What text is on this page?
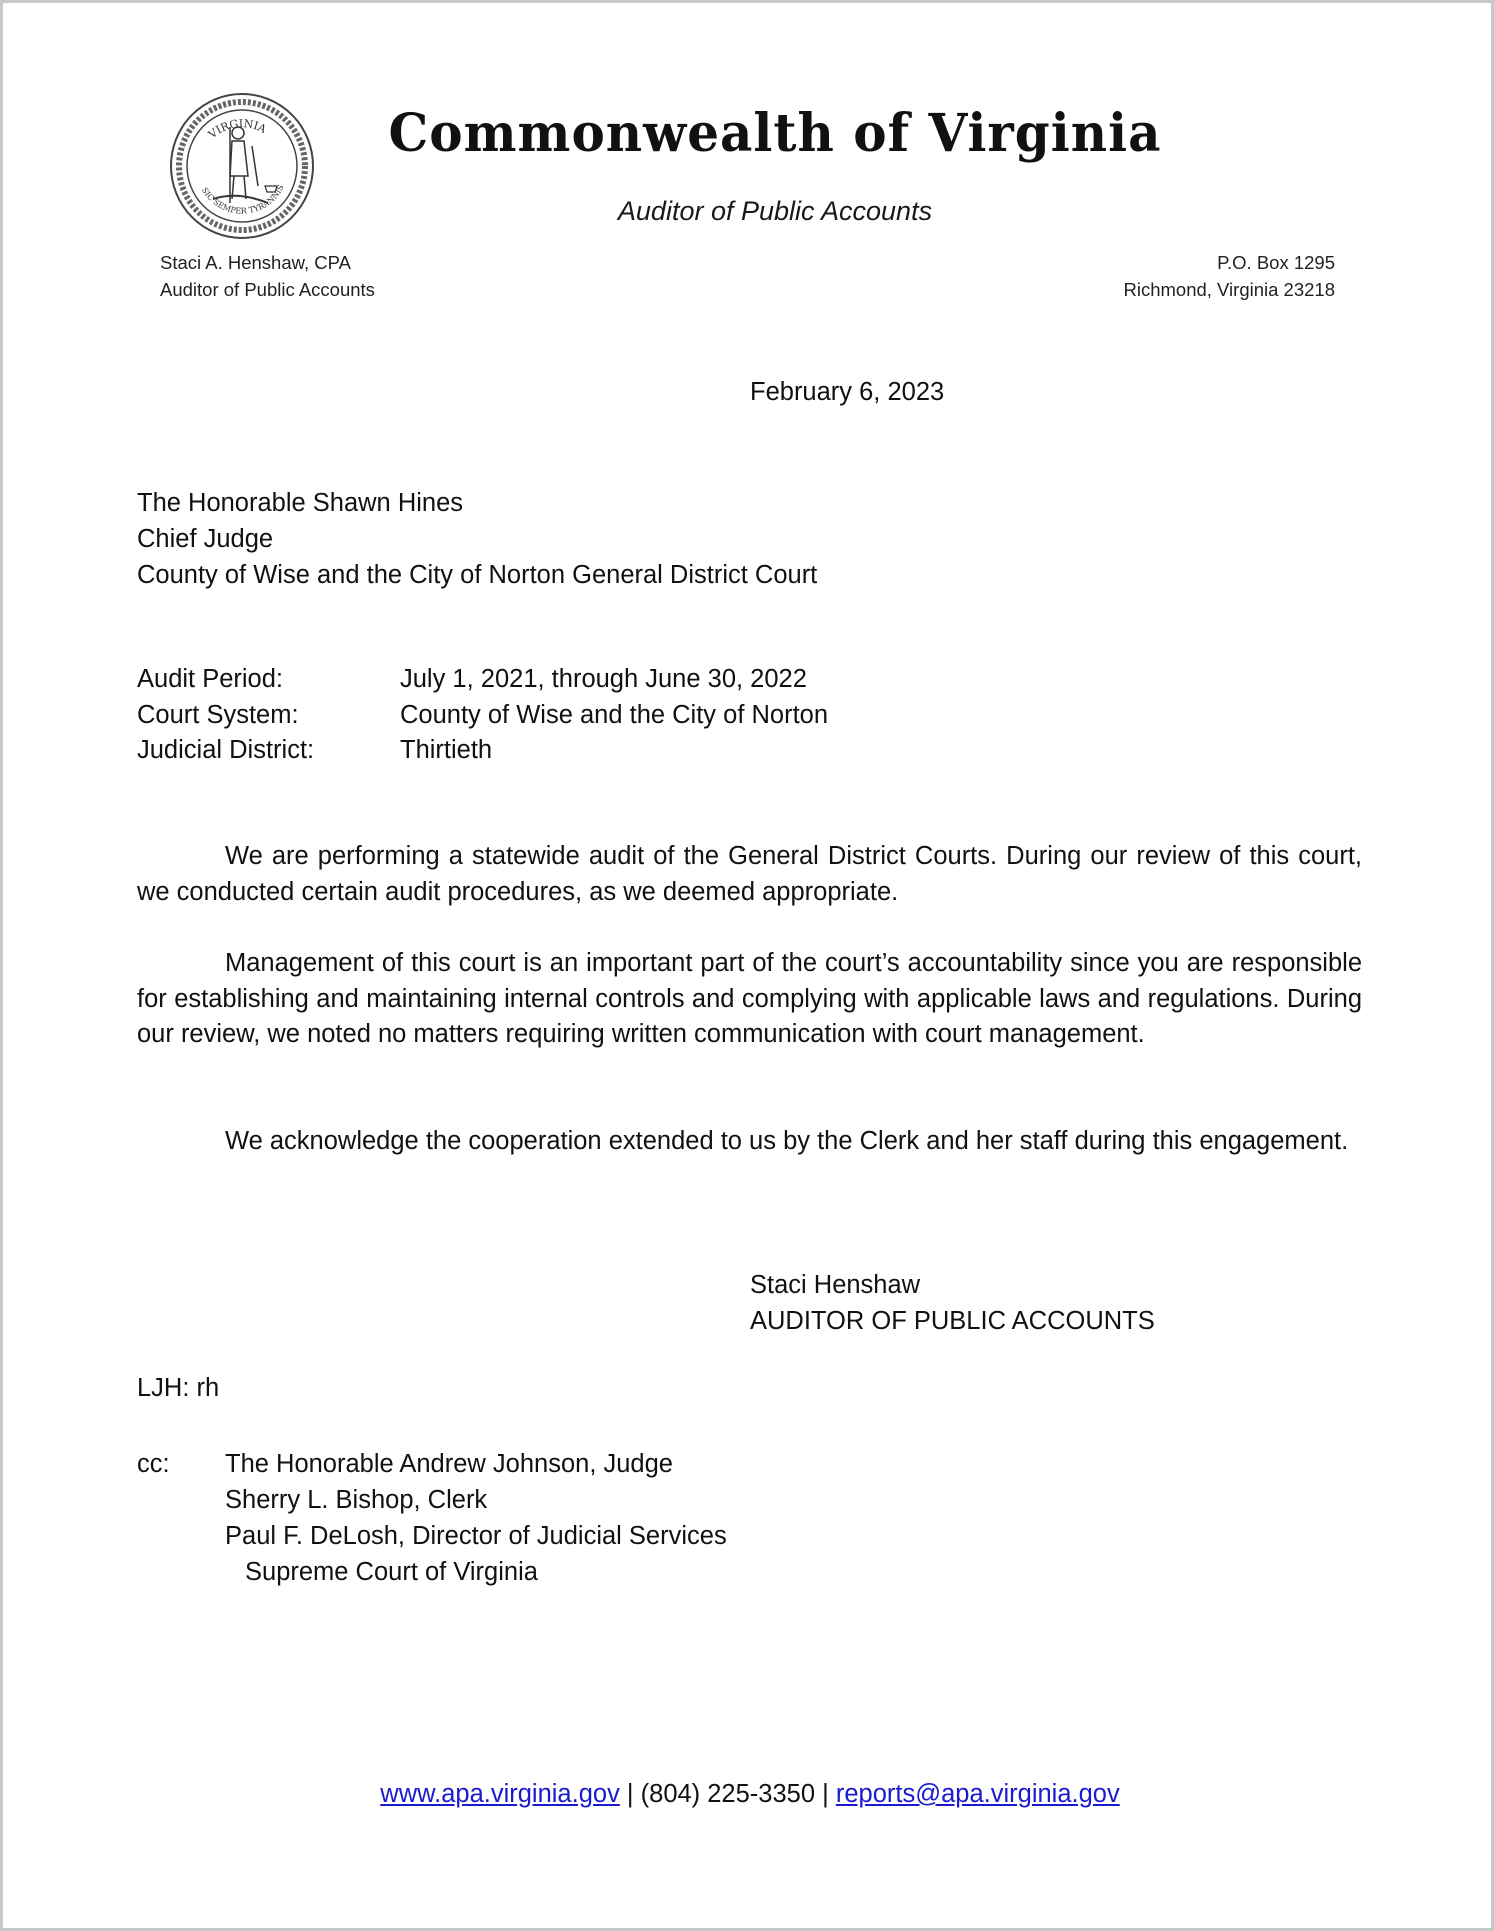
VIRGINIA
SIC SEMPER TYRANNIS
Commonwealth of Virginia
Auditor of Public Accounts
Staci A. Henshaw, CPA
Auditor of Public Accounts
P.O. Box 1295
Richmond, Virginia 23218
February 6, 2023
The Honorable Shawn Hines
Chief Judge
County of Wise and the City of Norton General District Court
Audit Period:	July 1, 2021, through June 30, 2022
Court System:	County of Wise and the City of Norton
Judicial District:	Thirtieth
We are performing a statewide audit of the General District Courts. During our review of this court, we conducted certain audit procedures, as we deemed appropriate.
Management of this court is an important part of the court’s accountability since you are responsible for establishing and maintaining internal controls and complying with applicable laws and regulations. During our review, we noted no matters requiring written communication with court management.
We acknowledge the cooperation extended to us by the Clerk and her staff during this engagement.
Staci Henshaw
AUDITOR OF PUBLIC ACCOUNTS
LJH: rh
cc:	The Honorable Andrew Johnson, Judge
Sherry L. Bishop, Clerk
Paul F. DeLosh, Director of Judicial Services
Supreme Court of Virginia
www.apa.virginia.gov | (804) 225-3350 | reports@apa.virginia.gov
